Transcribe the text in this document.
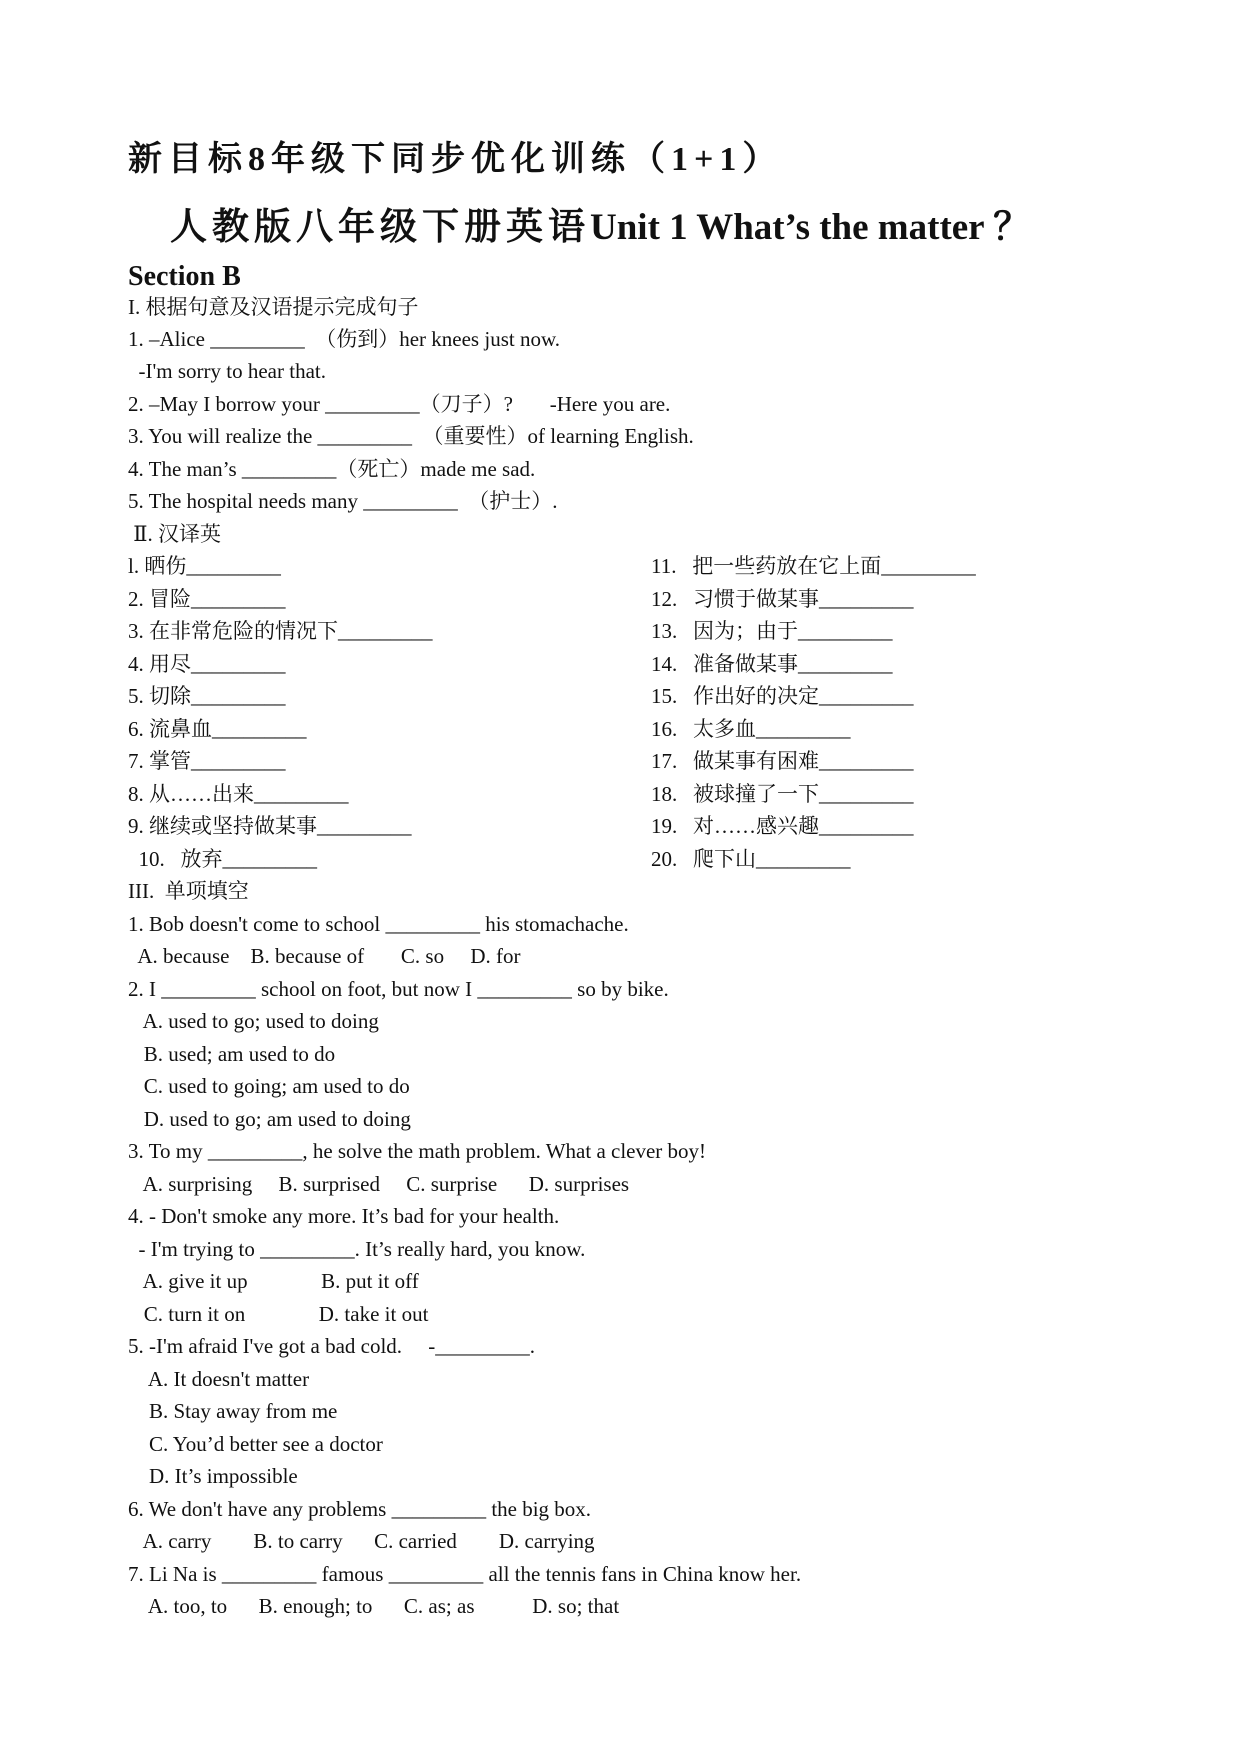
新目标8年级下同步优化训练（1+1）
人教版八年级下册英语Unit 1 What’s the matter ？
Section B
I. 根据句意及汉语提示完成句子
1. –Alice _________  （伤到）her knees just now.
-I'm sorry to hear that.
2. –May I borrow your _________（刀子）?       -Here you are.
3. You will realize the _________  （重要性）of learning English.
4. The man’s _________（死亡）made me sad.
5. The hospital needs many _________  （护士）.
Ⅱ. 汉译英
l. 晒伤_________
2. 冒险_________
3. 在非常危险的情况下_________
4. 用尽_________
5. 切除_________
6. 流鼻血_________
7. 掌管_________
8. 从……出来_________
9. 继续或坚持做某事_________
10.   放弃_________
11.   把一些药放在它上面_________
12.   习惯于做某事_________
13.   因为；由于_________
14.   准备做某事_________
15.   作出好的决定_________
16.   太多血_________
17.   做某事有困难_________
18.   被球撞了一下_________
19.   对……感兴趣_________
20.   爬下山_________
III.  单项填空
1. Bob doesn't come to school _________ his stomachache.
A. because    B. because of       C. so     D. for
2. I _________ school on foot, but now I _________ so by bike.
A. used to go; used to doing
B. used; am used to do
C. used to going; am used to do
D. used to go; am used to doing
3. To my _________, he solve the math problem. What a clever boy!
A. surprising     B. surprised     C. surprise      D. surprises
4. - Don't smoke any more. It’s bad for your health.
- I'm trying to _________. It’s really hard, you know.
A. give it up              B. put it off
C. turn it on              D. take it out
5. -I'm afraid I've got a bad cold.     -_________.
A. It doesn't matter
B. Stay away from me
C. You’d better see a doctor
D. It’s impossible
6. We don't have any problems _________ the big box.
A. carry        B. to carry      C. carried        D. carrying
7. Li Na is _________ famous _________ all the tennis fans in China know her.
A. too, to      B. enough; to      C. as; as           D. so; that
